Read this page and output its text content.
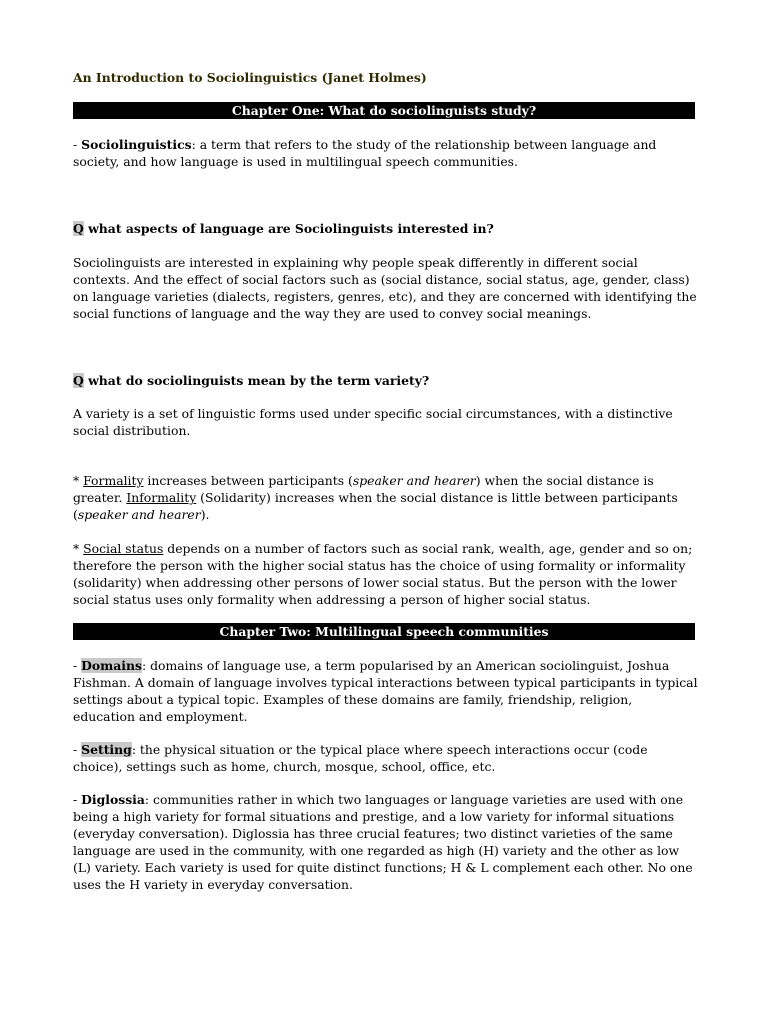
An Introduction to Sociolinguistics (Janet Holmes)
Chapter One: What do sociolinguists study?

- Sociolinguistics: a term that refers to the study of the relationship between language and society, and how language is used in multilingual speech communities.

Q what aspects of language are Sociolinguists interested in?

Sociolinguists are interested in explaining why people speak differently in different social contexts. And the effect of social factors such as (social distance, social status, age, gender, class) on language varieties (dialects, registers, genres, etc), and they are concerned with identifying the social functions of language and the way they are used to convey social meanings.

Q what do sociolinguists mean by the term variety?

A variety is a set of linguistic forms used under specific social circumstances, with a distinctive social distribution.

* Formality increases between participants (speaker and hearer) when the social distance is greater. Informality (Solidarity) increases when the social distance is little between participants (speaker and hearer).

* Social status depends on a number of factors such as social rank, wealth, age, gender and so on; therefore the person with the higher social status has the choice of using formality or informality (solidarity) when addressing other persons of lower social status. But the person with the lower social status uses only formality when addressing a person of higher social status.

Chapter Two: Multilingual speech communities

- Domains: domains of language use, a term popularised by an American sociolinguist, Joshua Fishman. A domain of language involves typical interactions between typical participants in typical settings about a typical topic. Examples of these domains are family, friendship, religion, education and employment.

- Setting: the physical situation or the typical place where speech interactions occur (code choice), settings such as home, church, mosque, school, office, etc.

- Diglossia: communities rather in which two languages or language varieties are used with one being a high variety for formal situations and prestige, and a low variety for informal situations (everyday conversation). Diglossia has three crucial features; two distinct varieties of the same language are used in the community, with one regarded as high (H) variety and the other as low (L) variety. Each variety is used for quite distinct functions; H & L complement each other. No one uses the H variety in everyday conversation.
